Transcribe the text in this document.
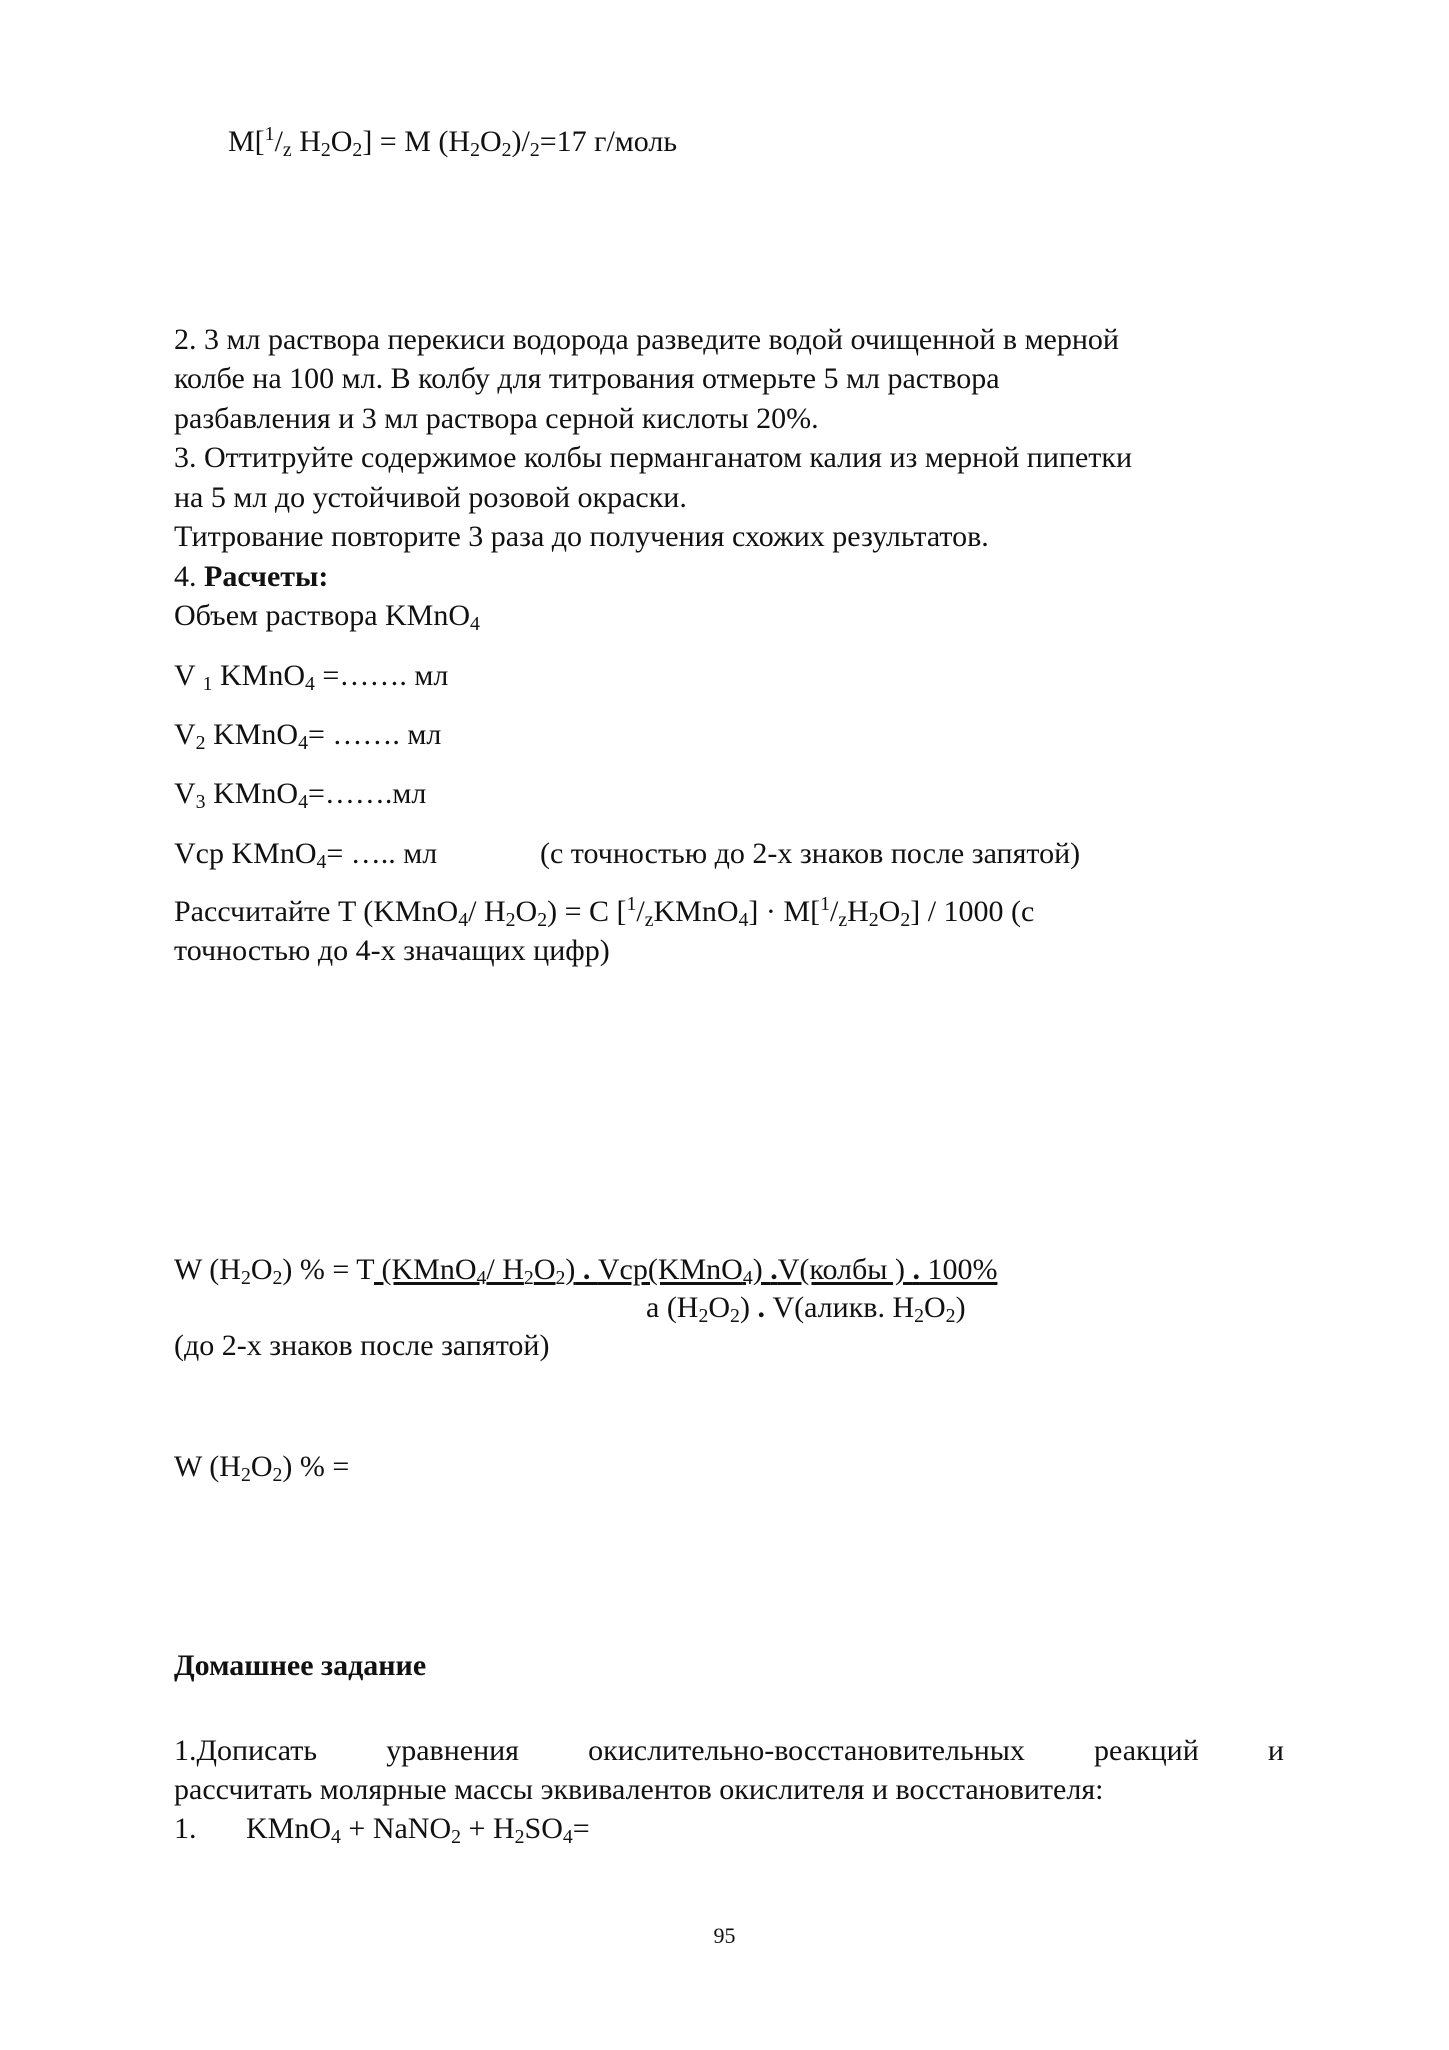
$M[^1/_z$ $H_2O_2] = M$ $(H_2O_2)/_2=17$ г/моль
2. 3 мл раствора перекиси водорода разведите водой очищенной в мерной
колбе на 100 мл. В колбу для титрования отмерьте 5 мл раствора
разбавления и 3 мл раствора серной кислоты 20%.
3. Оттитруйте содержимое колбы перманганатом калия из мерной пипетки
на 5 мл до устойчивой розовой окраски.
Титрование повторите 3 раза до получения схожих результатов.
4. Расчеты:
Объем раствора KMnO$_4$
V $_1$ KMnO$_4$ =……. мл
$V_2$ KMnO$_4$= ……. мл
$V_3$ KMnO$_4$=…….мл
Vср KMnO$_4$= ….. мл	(с точностью до 2-х знаков после запятой)
Рассчитайте T (KMnO$_4$/ $H_2O_2) = C$ $[^1/_zKMnO_4] \cdot M[^1/_zH_2O_2] / 1000$ (с
точностью до 4-х значащих цифр)
W $(H_2O_2)$ % = T (KMnO$_4$/ $H_2O_2$) . Vср(KMnO$_4$) .V(колбы ) . 100%
а $(H_2O_2)$ . V(аликв. $H_2O_2$)
(до 2-х знаков после запятой)
W $(H_2O_2)$ % =
Домашнее задание
1.Дописать уравнения окислительно-восстановительных реакций и
рассчитать молярные массы эквивалентов окислителя и восстановителя:
1. KMnO$_4$ + NaNO$_2$ + $H_2SO_4=$
95
